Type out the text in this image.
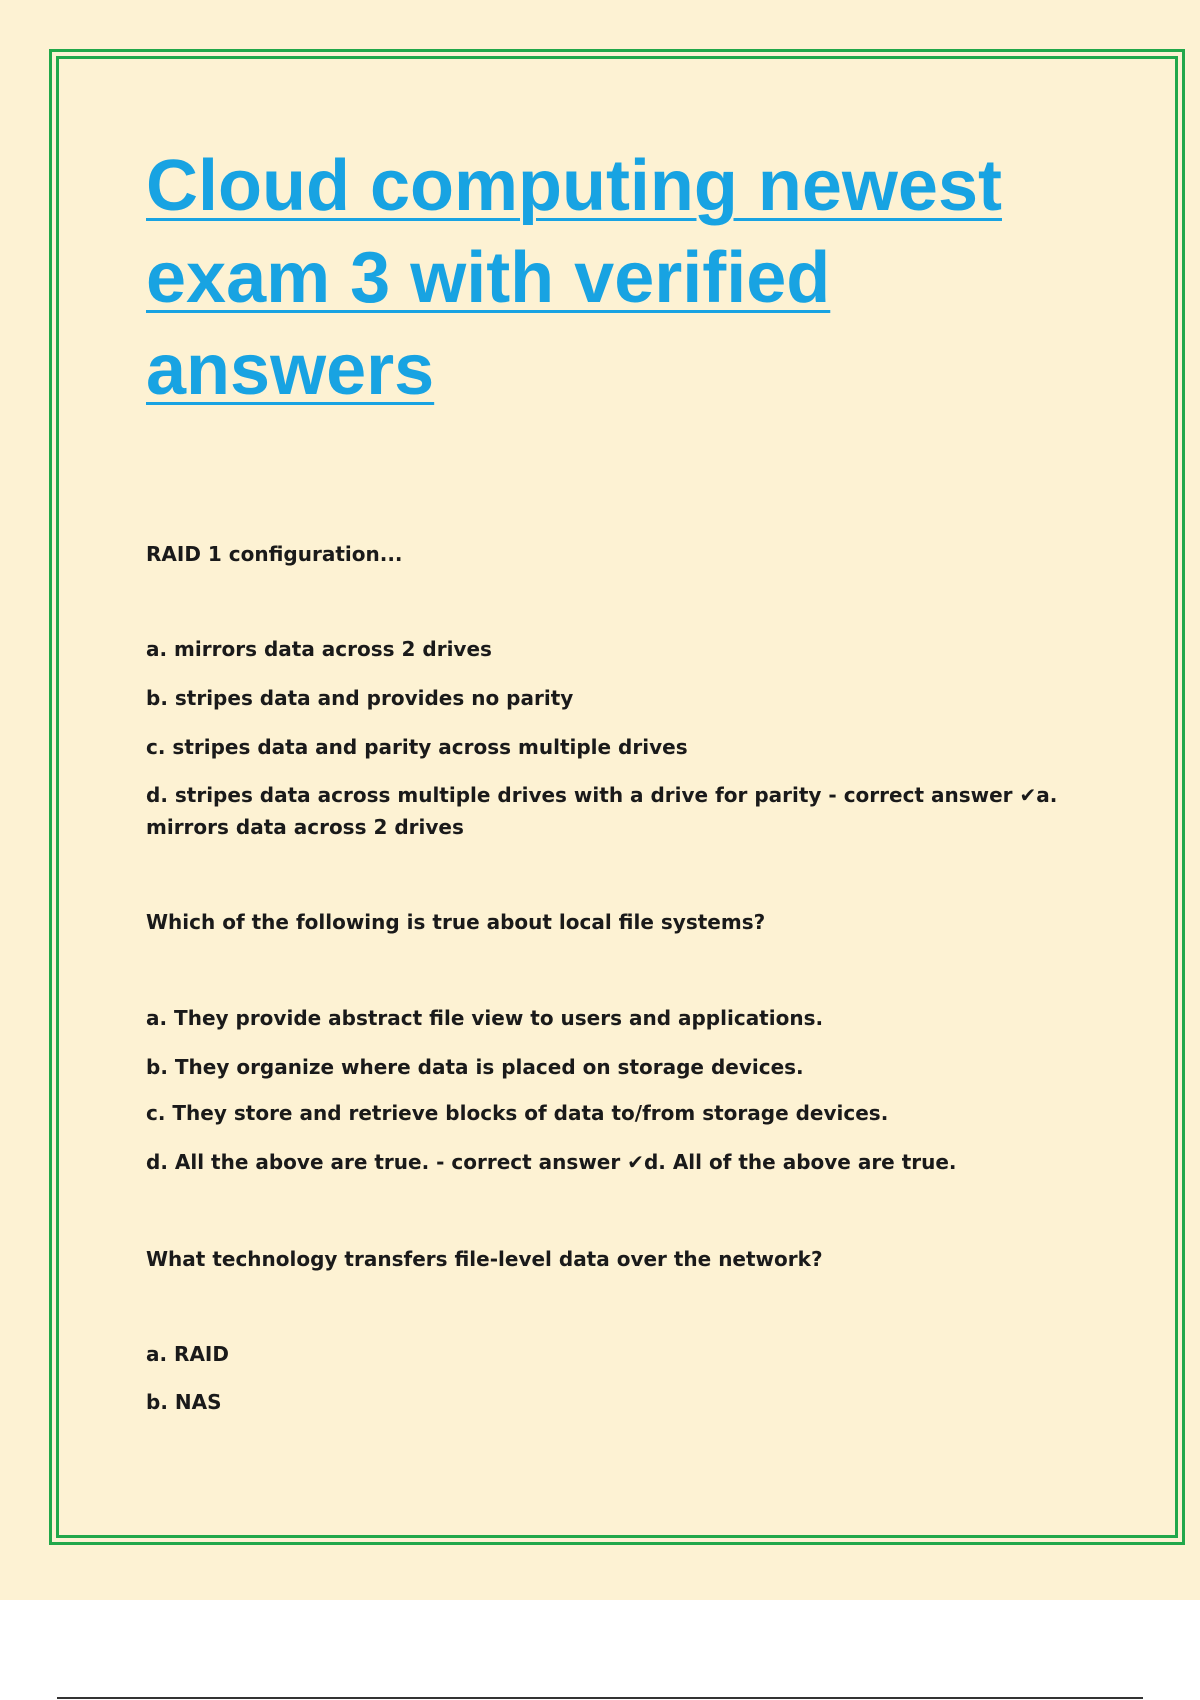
Cloud computing newest exam 3 with verified answers

RAID 1 configuration...

a. mirrors data across 2 drives

b. stripes data and provides no parity

c. stripes data and parity across multiple drives

d. stripes data across multiple drives with a drive for parity - correct answer ✔a. mirrors data across 2 drives

Which of the following is true about local file systems?

a. They provide abstract file view to users and applications.

b. They organize where data is placed on storage devices.

c. They store and retrieve blocks of data to/from storage devices.

d. All the above are true. - correct answer ✔d. All of the above are true.

What technology transfers file-level data over the network?

a. RAID

b. NAS
